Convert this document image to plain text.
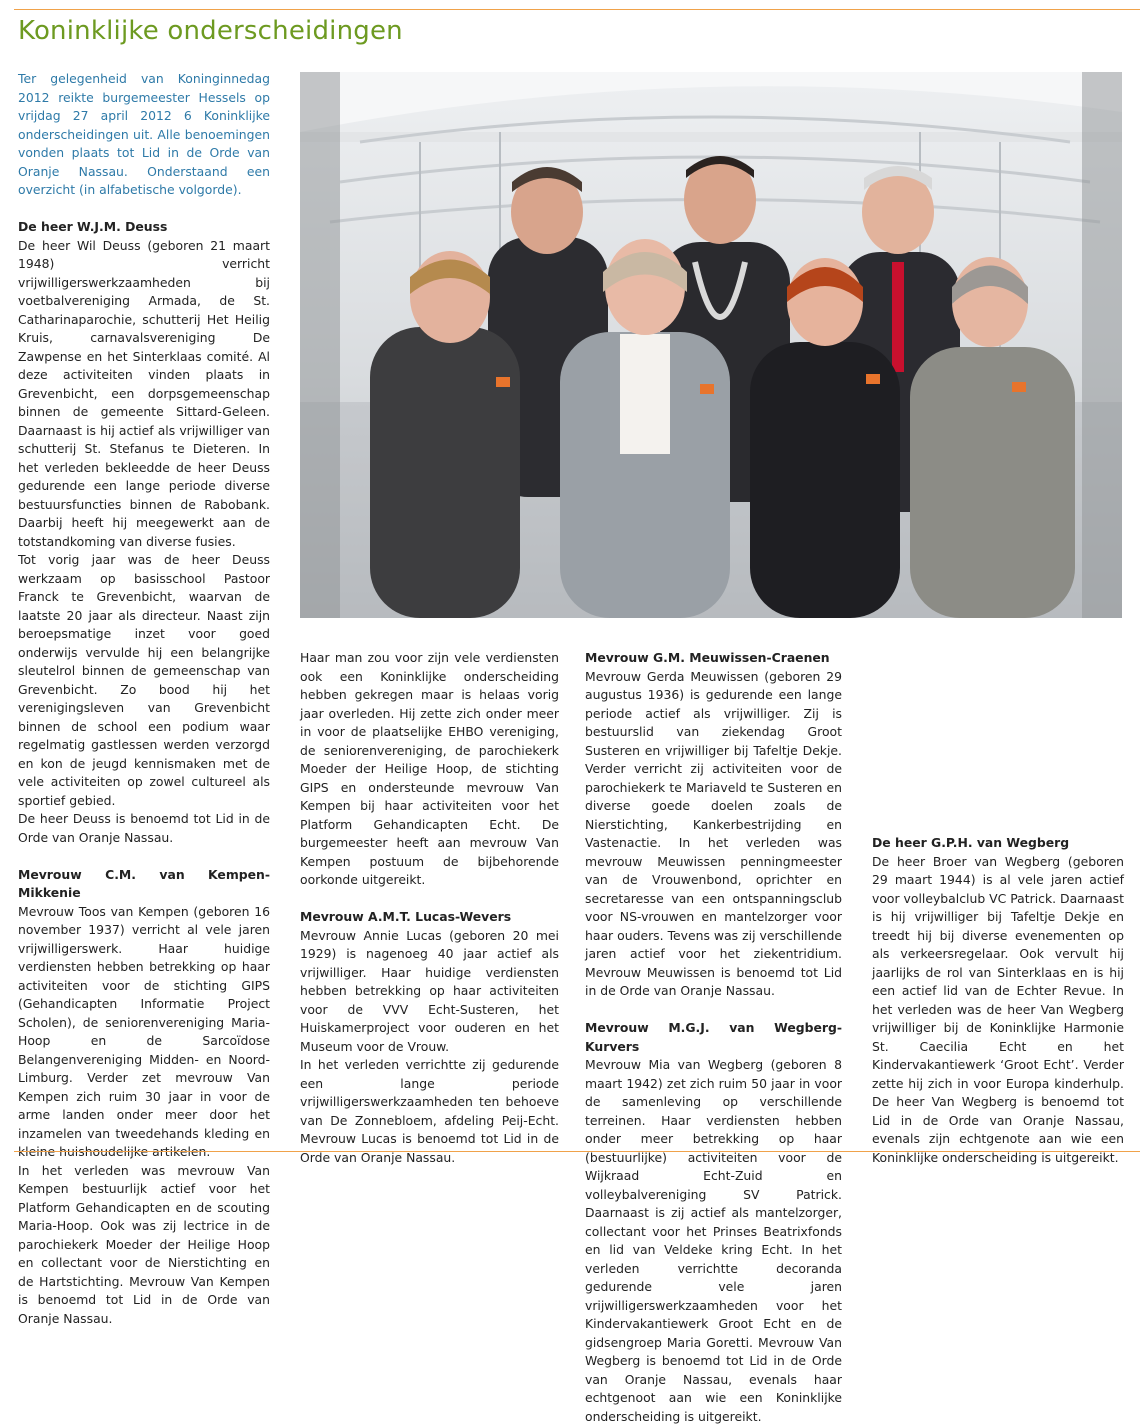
Koninklijke onderscheidingen

Ter gelegenheid van Koninginnedag 2012 reikte burgemeester Hessels op vrijdag 27 april 2012 6 Koninklijke onderscheidingen uit. Alle benoemingen vonden plaats tot Lid in de Orde van Oranje Nassau. Onderstaand een overzicht (in alfabetische volgorde).

De heer W.J.M. Deuss

De heer Wil Deuss (geboren 21 maart 1948) verricht vrijwilligerswerkzaamheden bij voetbalvereniging Armada, de St. Catharinaparochie, schutterij Het Heilig Kruis, carnavalsvereniging De Zawpense en het Sinterklaas comité. Al deze activiteiten vinden plaats in Grevenbicht, een dorpsgemeenschap binnen de gemeente Sittard-Geleen. Daarnaast is hij actief als vrijwilliger van schutterij St. Stefanus te Dieteren. In het verleden bekleedde de heer Deuss gedurende een lange periode diverse bestuursfuncties binnen de Rabobank. Daarbij heeft hij meegewerkt aan de totstandkoming van diverse fusies.

Tot vorig jaar was de heer Deuss werkzaam op basisschool Pastoor Franck te Grevenbicht, waarvan de laatste 20 jaar als directeur. Naast zijn beroepsmatige inzet voor goed onderwijs vervulde hij een belangrijke sleutelrol binnen de gemeenschap van Grevenbicht. Zo bood hij het verenigingsleven van Grevenbicht binnen de school een podium waar regelmatig gastlessen werden verzorgd en kon de jeugd kennismaken met de vele activiteiten op zowel cultureel als sportief gebied.

De heer Deuss is benoemd tot Lid in de Orde van Oranje Nassau.

Mevrouw C.M. van Kempen-Mikkenie

Mevrouw Toos van Kempen (geboren 16 november 1937) verricht al vele jaren vrijwilligerswerk. Haar huidige verdiensten hebben betrekking op haar activiteiten voor de stichting GIPS (Gehandicapten Informatie Project Scholen), de seniorenvereniging Maria-Hoop en de Sarcoïdose Belangenvereniging Midden- en Noord-Limburg. Verder zet mevrouw Van Kempen zich ruim 30 jaar in voor de arme landen onder meer door het inzamelen van tweedehands kleding en kleine huishoudelijke artikelen.

In het verleden was mevrouw Van Kempen bestuurlijk actief voor het Platform Gehandicapten en de scouting Maria-Hoop. Ook was zij lectrice in de parochiekerk Moeder der Heilige Hoop en collectant voor de Nierstichting en de Hartstichting. Mevrouw Van Kempen is benoemd tot Lid in de Orde van Oranje Nassau.

Haar man zou voor zijn vele verdiensten ook een Koninklijke onderscheiding hebben gekregen maar is helaas vorig jaar overleden. Hij zette zich onder meer in voor de plaatselijke EHBO vereniging, de seniorenvereniging, de parochiekerk Moeder der Heilige Hoop, de stichting GIPS en ondersteunde mevrouw Van Kempen bij haar activiteiten voor het Platform Gehandicapten Echt. De burgemeester heeft aan mevrouw Van Kempen postuum de bijbehorende oorkonde uitgereikt.

Mevrouw A.M.T. Lucas-Wevers

Mevrouw Annie Lucas (geboren 20 mei 1929) is nagenoeg 40 jaar actief als vrijwilliger. Haar huidige verdiensten hebben betrekking op haar activiteiten voor de VVV Echt-Susteren, het Huiskamerproject voor ouderen en het Museum voor de Vrouw.

In het verleden verrichtte zij gedurende een lange periode vrijwilligerswerkzaamheden ten behoeve van De Zonnebloem, afdeling Peij-Echt. Mevrouw Lucas is benoemd tot Lid in de Orde van Oranje Nassau.

Mevrouw G.M. Meuwissen-Craenen

Mevrouw Gerda Meuwissen (geboren 29 augustus 1936) is gedurende een lange periode actief als vrijwilliger. Zij is bestuurslid van ziekendag Groot Susteren en vrijwilliger bij Tafeltje Dekje. Verder verricht zij activiteiten voor de parochiekerk te Mariaveld te Susteren en diverse goede doelen zoals de Nierstichting, Kankerbestrijding en Vastenactie. In het verleden was mevrouw Meuwissen penningmeester van de Vrouwenbond, oprichter en secretaresse van een ontspanningsclub voor NS-vrouwen en mantelzorger voor haar ouders. Tevens was zij verschillende jaren actief voor het ziekentridium. Mevrouw Meuwissen is benoemd tot Lid in de Orde van Oranje Nassau.

Mevrouw M.G.J. van Wegberg-Kurvers

Mevrouw Mia van Wegberg (geboren 8 maart 1942) zet zich ruim 50 jaar in voor de samenleving op verschillende terreinen. Haar verdiensten hebben onder meer betrekking op haar (bestuurlijke) activiteiten voor de Wijkraad Echt-Zuid en volleybalvereniging SV Patrick. Daarnaast is zij actief als mantelzorger, collectant voor het Prinses Beatrixfonds en lid van Veldeke kring Echt. In het verleden verrichtte decoranda gedurende vele jaren vrijwilligerswerkzaamheden voor het Kindervakantiewerk Groot Echt en de gidsengroep Maria Goretti. Mevrouw Van Wegberg is benoemd tot Lid in de Orde van Oranje Nassau, evenals haar echtgenoot aan wie een Koninklijke onderscheiding is uitgereikt.

De heer G.P.H. van Wegberg

De heer Broer van Wegberg (geboren 29 maart 1944) is al vele jaren actief voor volleybalclub VC Patrick. Daarnaast is hij vrijwilliger bij Tafeltje Dekje en treedt hij bij diverse evenementen op als verkeersregelaar. Ook vervult hij jaarlijks de rol van Sinterklaas en is hij een actief lid van de Echter Revue. In het verleden was de heer Van Wegberg vrijwilliger bij de Koninklijke Harmonie St. Caecilia Echt en het Kindervakantiewerk ‘Groot Echt’. Verder zette hij zich in voor Europa kinderhulp. De heer Van Wegberg is benoemd tot Lid in de Orde van Oranje Nassau, evenals zijn echtgenote aan wie een Koninklijke onderscheiding is uitgereikt.
